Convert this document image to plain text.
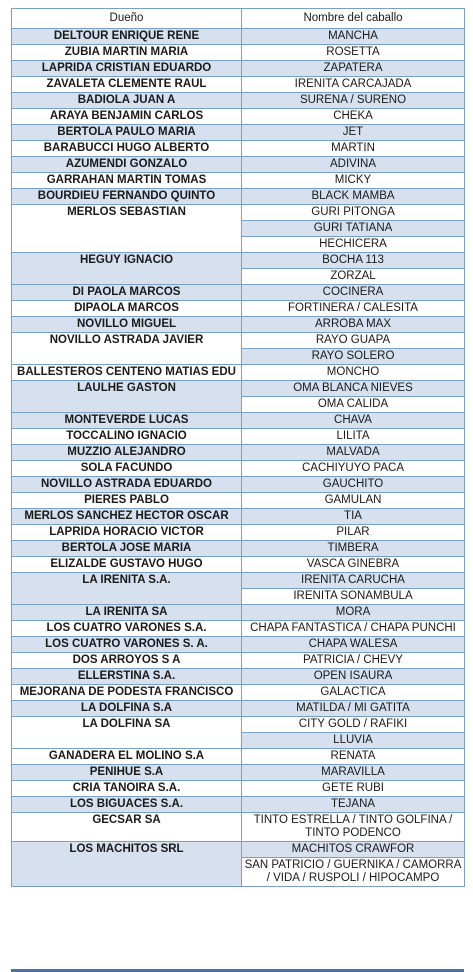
Dueño	Nombre del caballo
DELTOUR ENRIQUE RENE	MANCHA
ZUBIA MARTIN MARIA	ROSETTA
LAPRIDA CRISTIAN EDUARDO	ZAPATERA
ZAVALETA CLEMENTE RAUL	IRENITA CARCAJADA
BADIOLA JUAN A	SURENA / SURENO
ARAYA BENJAMIN CARLOS	CHEKA
BERTOLA PAULO MARIA	JET
BARABUCCI HUGO ALBERTO	MARTIN
AZUMENDI GONZALO	ADIVINA
GARRAHAN MARTIN TOMAS	MICKY
BOURDIEU FERNANDO QUINTO	BLACK MAMBA
MERLOS SEBASTIAN	GURI PITONGA
	GURI TATIANA
	HECHICERA
HEGUY IGNACIO	BOCHA 113
	ZORZAL
DI PAOLA MARCOS	COCINERA
DIPAOLA MARCOS	FORTINERA / CALESITA
NOVILLO MIGUEL	ARROBA MAX
NOVILLO ASTRADA JAVIER	RAYO GUAPA
	RAYO SOLERO
BALLESTEROS CENTENO MATIAS EDU	MONCHO
LAULHE GASTON	OMA BLANCA NIEVES
	OMA CALIDA
MONTEVERDE LUCAS	CHAVA
TOCCALINO IGNACIO	LILITA
MUZZIO ALEJANDRO	MALVADA
SOLA FACUNDO	CACHIYUYO PACA
NOVILLO ASTRADA EDUARDO	GAUCHITO
PIERES PABLO	GAMULAN
MERLOS SANCHEZ HECTOR OSCAR	TIA
LAPRIDA HORACIO VICTOR	PILAR
BERTOLA JOSE MARIA	TIMBERA
ELIZALDE GUSTAVO HUGO	VASCA GINEBRA
LA IRENITA S.A.	IRENITA CARUCHA
	IRENITA SONAMBULA
LA IRENITA SA	MORA
LOS CUATRO VARONES S.A.	CHAPA FANTASTICA / CHAPA PUNCHI
LOS CUATRO VARONES S. A.	CHAPA WALESA
DOS ARROYOS S A	PATRICIA / CHEVY
ELLERSTINA S.A.	OPEN ISAURA
MEJORANA DE PODESTA FRANCISCO	GALACTICA
LA DOLFINA S.A	MATILDA / MI GATITA
LA DOLFINA SA	CITY GOLD / RAFIKI
	LLUVIA
GANADERA EL MOLINO S.A	RENATA
PENIHUE S.A	MARAVILLA
CRIA TANOIRA S.A.	GETE RUBI
LOS BIGUACES S.A.	TEJANA
GECSAR SA	TINTO ESTRELLA / TINTO GOLFINA / TINTO PODENCO
LOS MACHITOS SRL	MACHITOS CRAWFOR
	SAN PATRICIO / GUERNIKA / CAMORRA / VIDA / RUSPOLI / HIPOCAMPO
